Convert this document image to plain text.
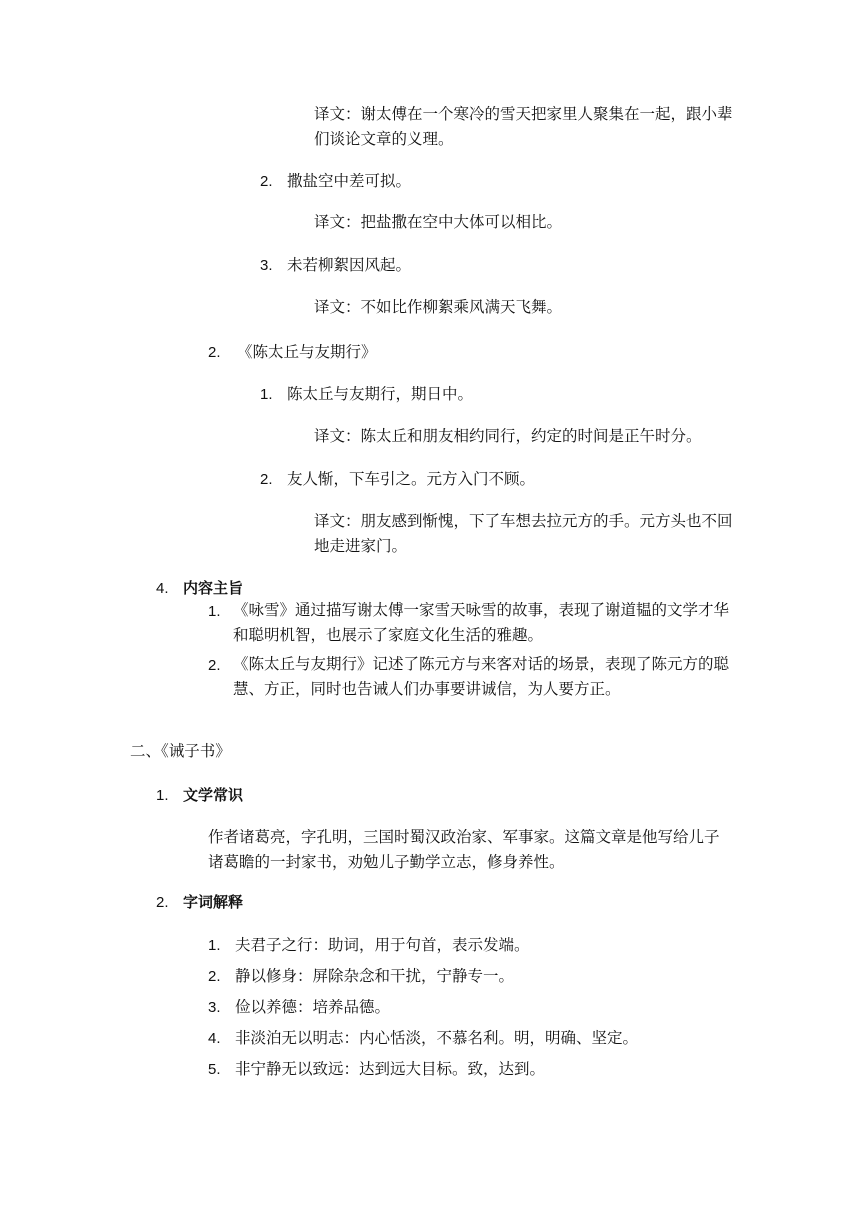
译文：谢太傅在一个寒冷的雪天把家里人聚集在一起，跟小辈们谈论文章的义理。
2. 撒盐空中差可拟。
译文：把盐撒在空中大体可以相比。
3. 未若柳絮因风起。
译文：不如比作柳絮乘风满天飞舞。
2. 《陈太丘与友期行》
1. 陈太丘与友期行，期日中。
译文：陈太丘和朋友相约同行，约定的时间是正午时分。
2. 友人惭，下车引之。元方入门不顾。
译文：朋友感到惭愧，下了车想去拉元方的手。元方头也不回地走进家门。
4. 内容主旨
1. 《咏雪》通过描写谢太傅一家雪天咏雪的故事，表现了谢道韫的文学才华和聪明机智，也展示了家庭文化生活的雅趣。
2. 《陈太丘与友期行》记述了陈元方与来客对话的场景，表现了陈元方的聪慧、方正，同时也告诫人们办事要讲诚信，为人要方正。
二、《诫子书》
1. 文学常识
作者诸葛亮，字孔明，三国时蜀汉政治家、军事家。这篇文章是他写给儿子诸葛瞻的一封家书，劝勉儿子勤学立志，修身养性。
2. 字词解释
1. 夫君子之行：助词，用于句首，表示发端。
2. 静以修身：屏除杂念和干扰，宁静专一。
3. 俭以养德：培养品德。
4. 非淡泊无以明志：内心恬淡，不慕名利。明，明确、坚定。
5. 非宁静无以致远：达到远大目标。致，达到。
